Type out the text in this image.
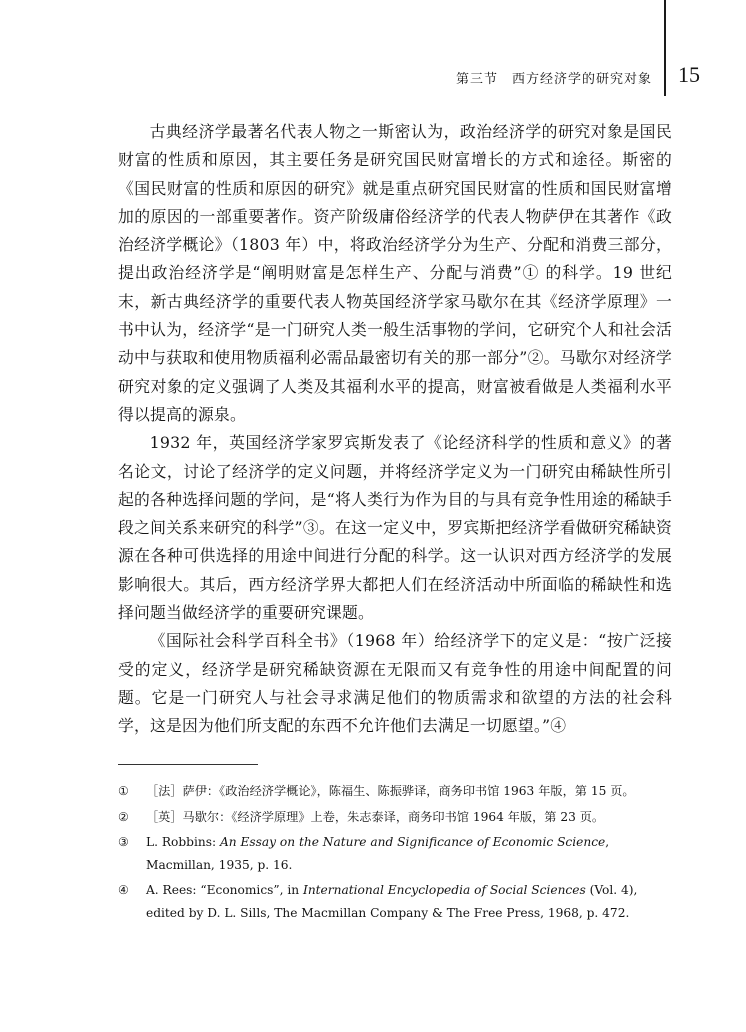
第三节　西方经济学的研究对象 15

古典经济学最著名代表人物之一斯密认为，政治经济学的研究对象是国民财富的性质和原因，其主要任务是研究国民财富增长的方式和途径。斯密的《国民财富的性质和原因的研究》就是重点研究国民财富的性质和国民财富增加的原因的一部重要著作。资产阶级庸俗经济学的代表人物萨伊在其著作《政治经济学概论》（1803 年）中，将政治经济学分为生产、分配和消费三部分，提出政治经济学是“阐明财富是怎样生产、分配与消费”① 的科学。19 世纪末，新古典经济学的重要代表人物英国经济学家马歇尔在其《经济学原理》一书中认为，经济学“是一门研究人类一般生活事物的学问，它研究个人和社会活动中与获取和使用物质福利必需品最密切有关的那一部分”②。马歇尔对经济学研究对象的定义强调了人类及其福利水平的提高，财富被看做是人类福利水平得以提高的源泉。

1932 年，英国经济学家罗宾斯发表了《论经济科学的性质和意义》的著名论文，讨论了经济学的定义问题，并将经济学定义为一门研究由稀缺性所引起的各种选择问题的学问，是“将人类行为作为目的与具有竞争性用途的稀缺手段之间关系来研究的科学”③。在这一定义中，罗宾斯把经济学看做研究稀缺资源在各种可供选择的用途中间进行分配的科学。这一认识对西方经济学的发展影响很大。其后，西方经济学界大都把人们在经济活动中所面临的稀缺性和选择问题当做经济学的重要研究课题。

《国际社会科学百科全书》（1968 年）给经济学下的定义是：“按广泛接受的定义，经济学是研究稀缺资源在无限而又有竞争性的用途中间配置的问题。它是一门研究人与社会寻求满足他们的物质需求和欲望的方法的社会科学，这是因为他们所支配的东西不允许他们去满足一切愿望。”④

①	［法］萨伊：《政治经济学概论》，陈福生、陈振骅译，商务印书馆 1963 年版，第 15 页。
②	［英］马歇尔：《经济学原理》上卷，朱志泰译，商务印书馆 1964 年版，第 23 页。
③	L. Robbins: An Essay on the Nature and Significance of Economic Science, Macmillan, 1935, p. 16.
④	A. Rees: “Economics”, in International Encyclopedia of Social Sciences (Vol. 4), edited by D. L. Sills, The Macmillan Company & The Free Press, 1968, p. 472.
